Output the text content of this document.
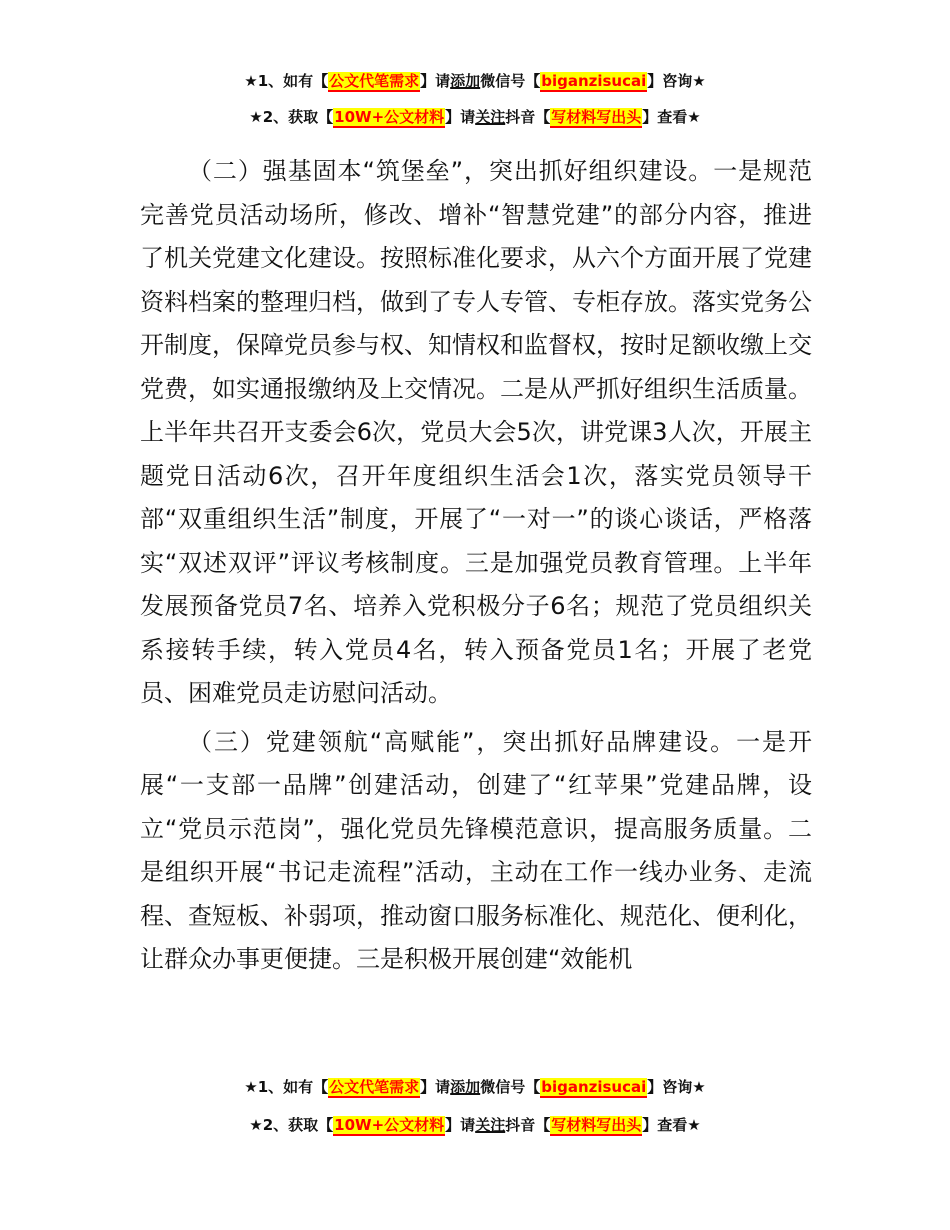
★1、如有【公文代笔需求】请添加微信号【biganzisucai】咨询★
★2、获取【10W+公文材料】请关注抖音【写材料写出头】查看★

（二）强基固本“筑堡垒”，突出抓好组织建设。一是规范完善党员活动场所，修改、增补“智慧党建”的部分内容，推进了机关党建文化建设。按照标准化要求，从六个方面开展了党建资料档案的整理归档，做到了专人专管、专柜存放。落实党务公开制度，保障党员参与权、知情权和监督权，按时足额收缴上交党费，如实通报缴纳及上交情况。二是从严抓好组织生活质量。上半年共召开支委会6次，党员大会5次，讲党课3人次，开展主题党日活动6次，召开年度组织生活会1次，落实党员领导干部“双重组织生活”制度，开展了“一对一”的谈心谈话，严格落实“双述双评”评议考核制度。三是加强党员教育管理。上半年发展预备党员7名、培养入党积极分子6名；规范了党员组织关系接转手续，转入党员4名，转入预备党员1名；开展了老党员、困难党员走访慰问活动。

（三）党建领航“高赋能”，突出抓好品牌建设。一是开展“一支部一品牌”创建活动，创建了“红苹果”党建品牌，设立“党员示范岗”，强化党员先锋模范意识，提高服务质量。二是组织开展“书记走流程”活动，主动在工作一线办业务、走流程、查短板、补弱项，推动窗口服务标准化、规范化、便利化，让群众办事更便捷。三是积极开展创建“效能机

★1、如有【公文代笔需求】请添加微信号【biganzisucai】咨询★
★2、获取【10W+公文材料】请关注抖音【写材料写出头】查看★
